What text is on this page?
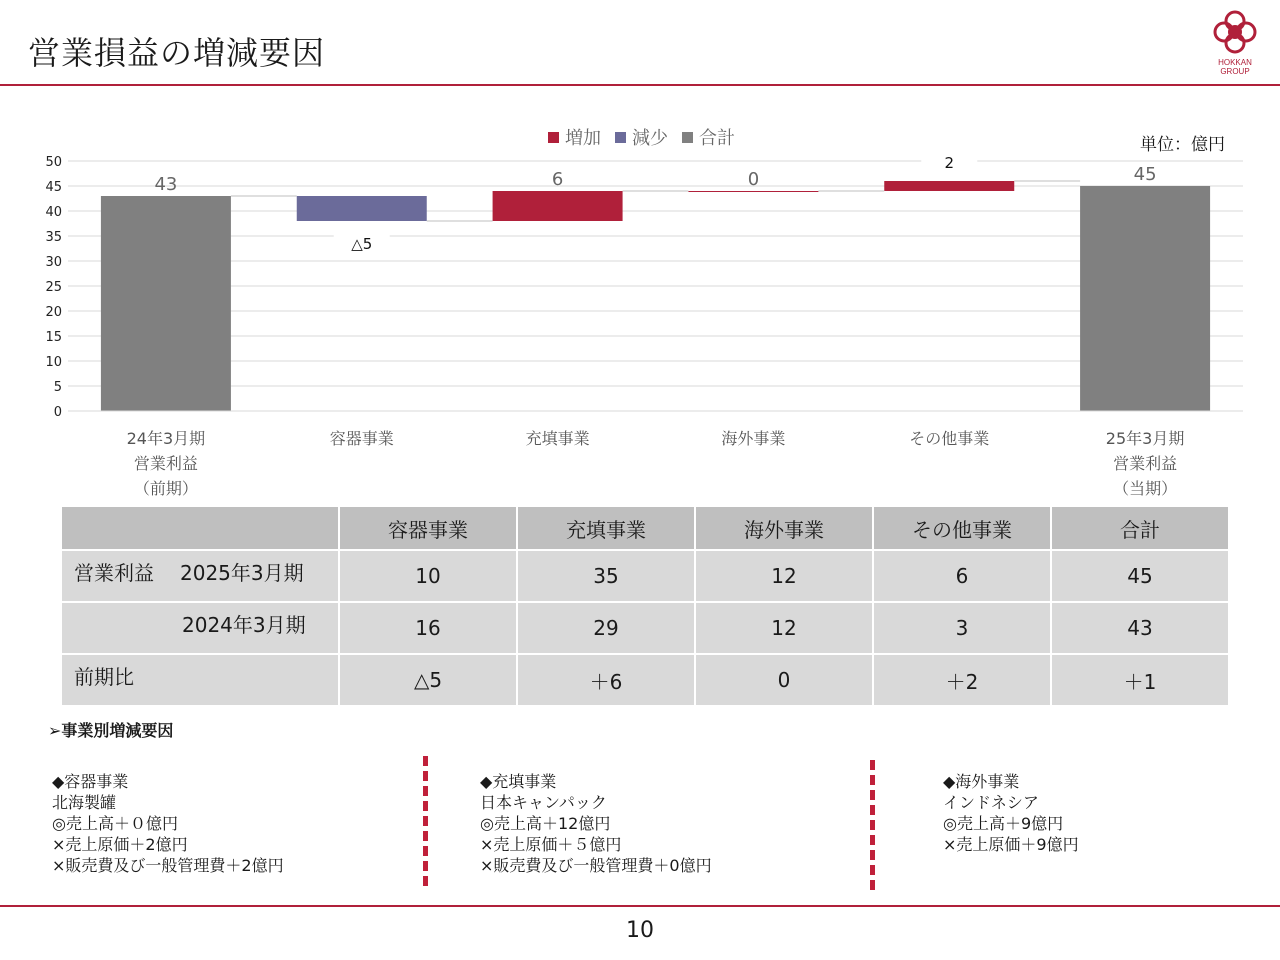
営業損益の増減要因	HOKKAN
GROUP
増加 減少 合計	単位：億円
0
5
10
15
20
25
30
35
40
45
50
43
△5
6	0
2
45
24年3月期
営業利益
（前期）
容器事業	充填事業	海外事業	その他事業	25年3月期
営業利益
（当期）
	容器事業	充填事業	海外事業	その他事業	合計
営業利益　 2025年3月期	10	35	12	6	45
2024年3月期	16	29	12	3	43
前期比	△5	＋6	0	＋2	＋1
➢事業別増減要因
◆容器事業
北海製罐
◎売上高＋０億円
×売上原価＋2億円
×販売費及び一般管理費＋2億円
◆充填事業
日本キャンパック
◎売上高＋12億円
×売上原価＋５億円
×販売費及び一般管理費＋0億円
◆海外事業
インドネシア
◎売上高＋9億円
×売上原価＋9億円
10
